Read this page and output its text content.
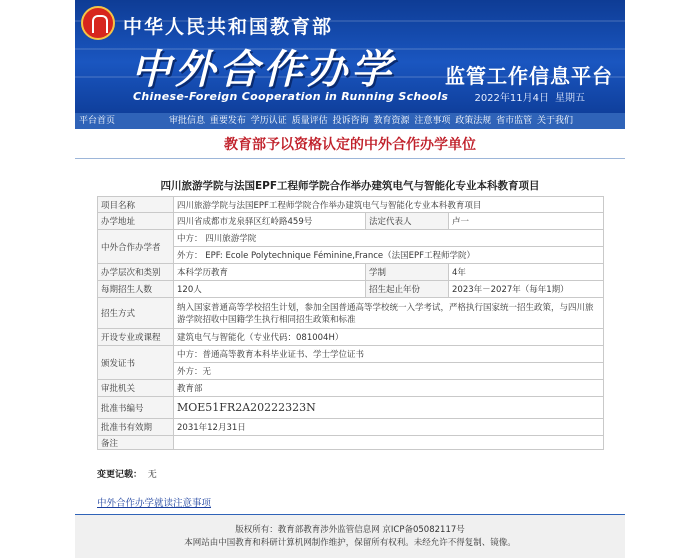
中华人民共和国教育部
中外合作办学
Chinese-Foreign Cooperation in Running Schools
监管工作信息平台
2022年11月4日 星期五
平台首页	审批信息 重要发布 学历认证 质量评估 投诉咨询 教育资源 注意事项 政策法规 省市监管 关于我们
教育部予以资格认定的中外合作办学单位
四川旅游学院与法国EPF工程师学院合作举办建筑电气与智能化专业本科教育项目
项目名称	四川旅游学院与法国EPF工程师学院合作举办建筑电气与智能化专业本科教育项目		
办学地址	四川省成都市龙泉驿区红岭路459号	法定代表人	卢一
中外合作办学者	中方： 四川旅游学院		
	外方： EPF: Ecole Polytechnique Féminine,France（法国EPF工程师学院）		
办学层次和类别	本科学历教育	学制	4年
每期招生人数	120人	招生起止年份	2023年－2027年（每年1期）
招生方式	纳入国家普通高等学校招生计划，参加全国普通高等学校统一入学考试，严格执行国家统一招生政策，与四川旅游学院招收中国籍学生执行相同招生政策和标准		
开设专业或课程	建筑电气与智能化（专业代码：081004H）		
颁发证书	中方：普通高等教育本科毕业证书、学士学位证书		
	外方：无		
审批机关	教育部		
批准书编号	MOE51FR2A20222323N		
批准书有效期	2031年12月31日		
备注			
变更记载： 无
中外合作办学就读注意事项
版权所有：教育部教育涉外监管信息网 京ICP备05082117号
本网站由中国教育和科研计算机网制作维护，保留所有权利。未经允许不得复制、镜像。
